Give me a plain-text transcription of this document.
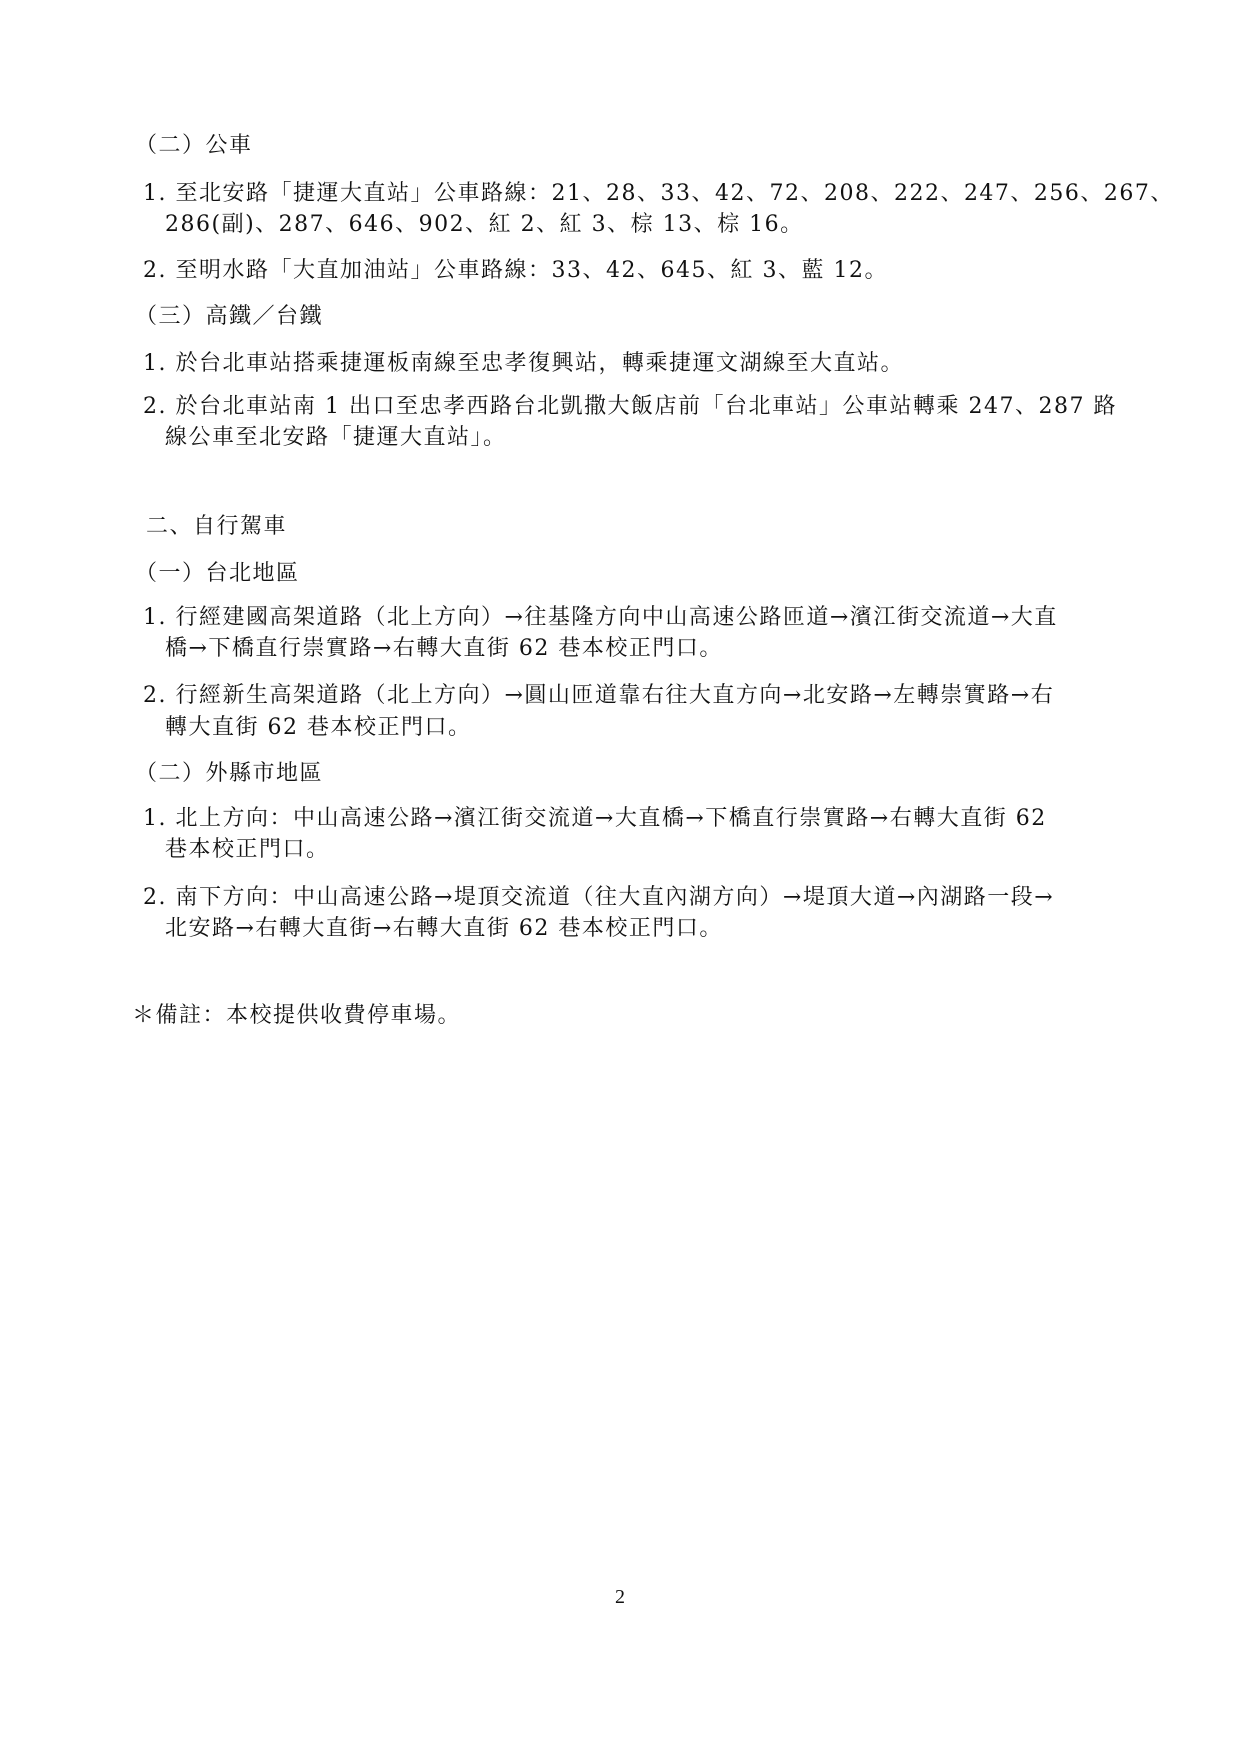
（二）公車
1. 至北安路「捷運大直站」公車路線：21、28、33、42、72、208、222、247、256、267、
286(副)、287、646、902、紅 2、紅 3、棕 13、棕 16。
2. 至明水路「大直加油站」公車路線：33、42、645、紅 3、藍 12。
（三）高鐵／台鐵
1. 於台北車站搭乘捷運板南線至忠孝復興站，轉乘捷運文湖線至大直站。
2. 於台北車站南 1 出口至忠孝西路台北凱撒大飯店前「台北車站」公車站轉乘 247、287 路
線公車至北安路「捷運大直站」。
二、自行駕車
（一）台北地區
1. 行經建國高架道路（北上方向）→往基隆方向中山高速公路匝道→濱江街交流道→大直
橋→下橋直行崇實路→右轉大直街 62 巷本校正門口。
2. 行經新生高架道路（北上方向）→圓山匝道靠右往大直方向→北安路→左轉崇實路→右
轉大直街 62 巷本校正門口。
（二）外縣市地區
1. 北上方向：中山高速公路→濱江街交流道→大直橋→下橋直行崇實路→右轉大直街 62
巷本校正門口。
2. 南下方向：中山高速公路→堤頂交流道（往大直內湖方向）→堤頂大道→內湖路一段→
北安路→右轉大直街→右轉大直街 62 巷本校正門口。
＊備註：本校提供收費停車場。
2
